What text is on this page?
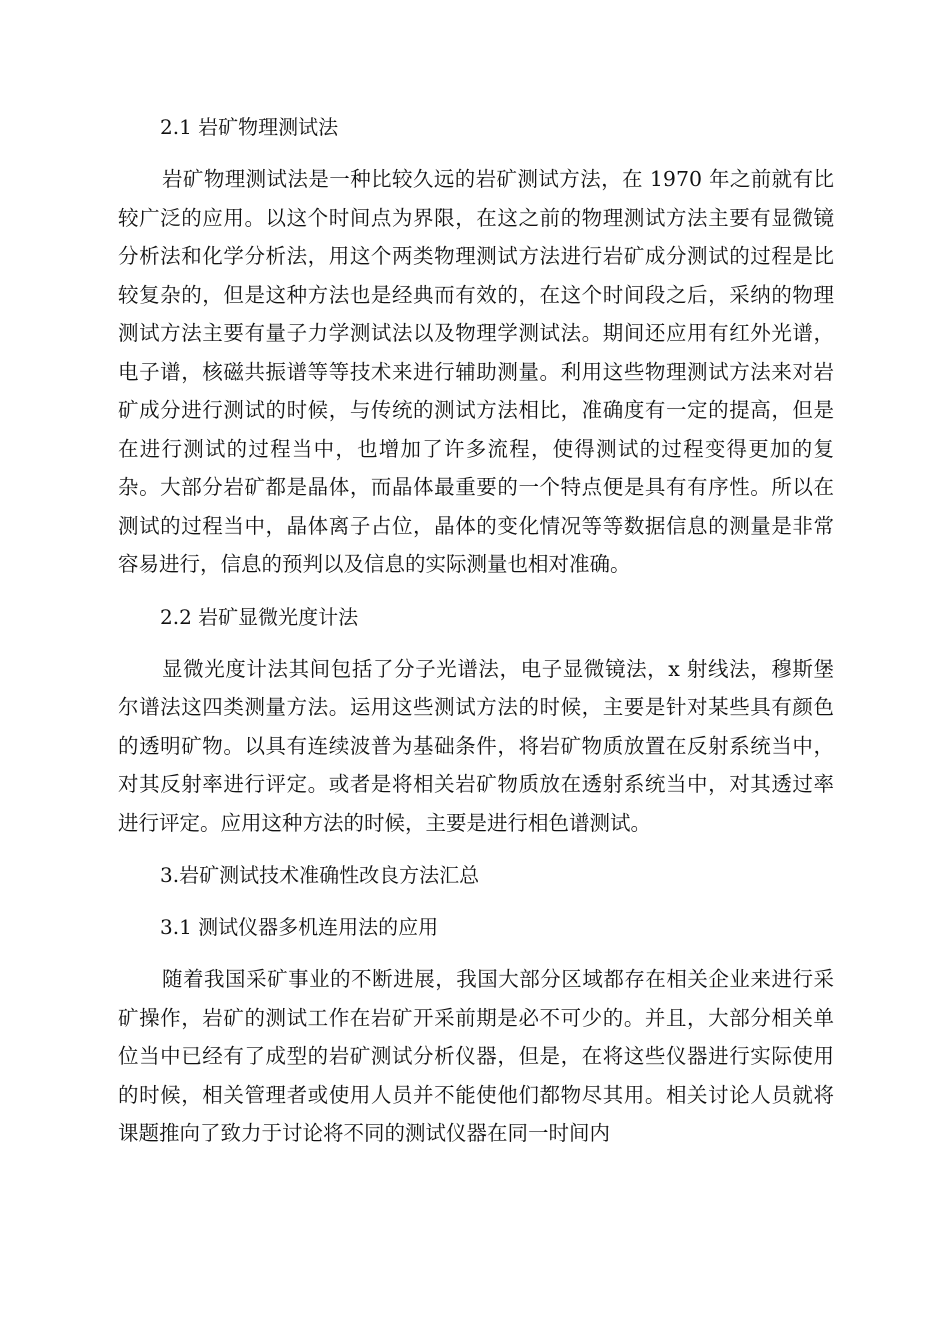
2.1 岩矿物理测试法

岩矿物理测试法是一种比较久远的岩矿测试方法，在 1970 年之前就有比较广泛的应用。以这个时间点为界限，在这之前的物理测试方法主要有显微镜分析法和化学分析法，用这个两类物理测试方法进行岩矿成分测试的过程是比较复杂的，但是这种方法也是经典而有效的，在这个时间段之后，采纳的物理测试方法主要有量子力学测试法以及物理学测试法。期间还应用有红外光谱，电子谱，核磁共振谱等等技术来进行辅助测量。利用这些物理测试方法来对岩矿成分进行测试的时候，与传统的测试方法相比，准确度有一定的提高，但是在进行测试的过程当中，也增加了许多流程，使得测试的过程变得更加的复杂。大部分岩矿都是晶体，而晶体最重要的一个特点便是具有有序性。所以在测试的过程当中，晶体离子占位，晶体的变化情况等等数据信息的测量是非常容易进行，信息的预判以及信息的实际测量也相对准确。

2.2 岩矿显微光度计法

显微光度计法其间包括了分子光谱法，电子显微镜法，x 射线法，穆斯堡尔谱法这四类测量方法。运用这些测试方法的时候，主要是针对某些具有颜色的透明矿物。以具有连续波普为基础条件，将岩矿物质放置在反射系统当中，对其反射率进行评定。或者是将相关岩矿物质放在透射系统当中，对其透过率进行评定。应用这种方法的时候，主要是进行相色谱测试。

3.岩矿测试技术准确性改良方法汇总
3.1 测试仪器多机连用法的应用

随着我国采矿事业的不断进展，我国大部分区域都存在相关企业来进行采矿操作，岩矿的测试工作在岩矿开采前期是必不可少的。并且，大部分相关单位当中已经有了成型的岩矿测试分析仪器，但是，在将这些仪器进行实际使用的时候，相关管理者或使用人员并不能使他们都物尽其用。相关讨论人员就将课题推向了致力于讨论将不同的测试仪器在同一时间内
